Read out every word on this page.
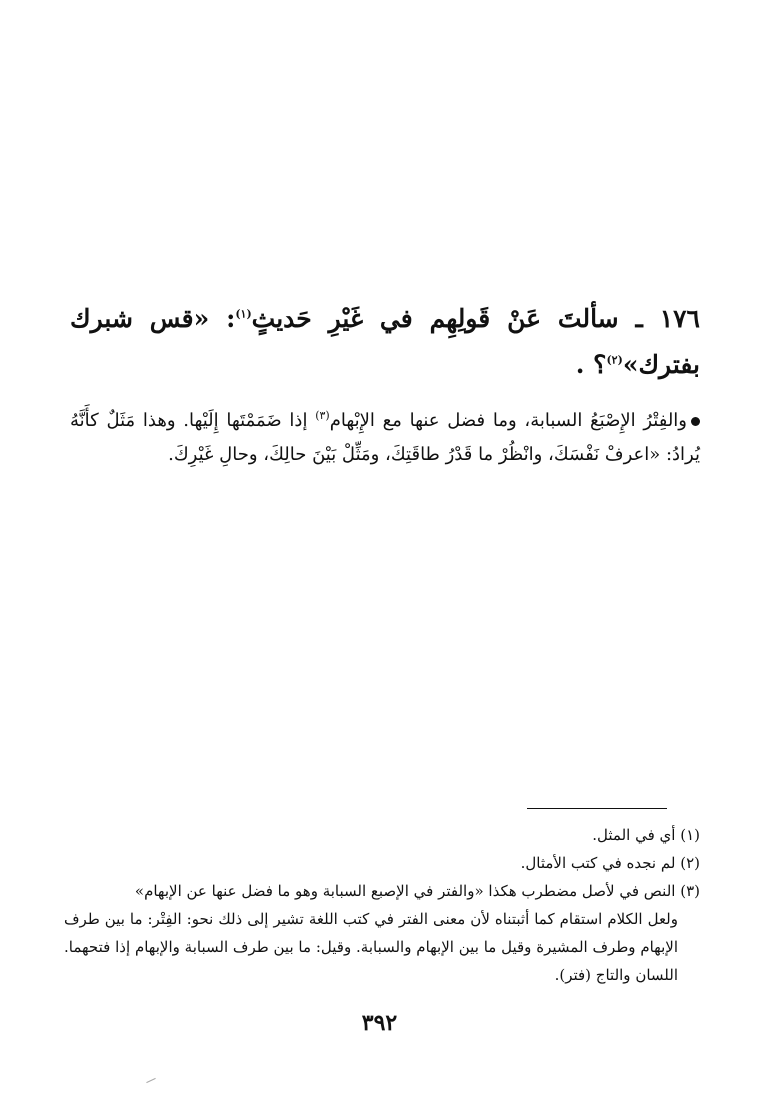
١٧٦ ـ سألتَ عَنْ قَولِهِم في غَيْرِ حَديثٍ$^{(١)}$: «قس شبرك بفترك»$^{(٢)}$؟ .

والفِتْرُ الإِصْبَعُ السبابة، وما فضل عنها مع الإِبْهام$^{(٣)}$ إذا ضَمَمْتَها إِلَيْها. وهذا مَثَلٌ كأَنَّهُ يُرادُ: «اعرفْ نَفْسَكَ، وانْظُرْ ما قَدْرُ طاقَتِكَ، ومَثِّلْ بَيْنَ حالِكَ، وحالِ غَيْرِكَ.

(١) أي في المثل.

(٢) لم نجده في كتب الأمثال.

(٣) النص في لأصل مضطرب هكذا «والفتر في الإصبع السبابة وهو ما فضل عنها عن الإبهام»

ولعل الكلام استقام كما أثبتناه لأن معنى الفتر في كتب اللغة تشير إلى ذلك نحو: الفِتْر: ما بين طرف الإبهام وطرف المشيرة وقيل ما بين الإبهام والسبابة. وقيل: ما بين طرف السبابة والإبهام إذا فتحهما. اللسان والتاج (فتر).

٣٩٢
